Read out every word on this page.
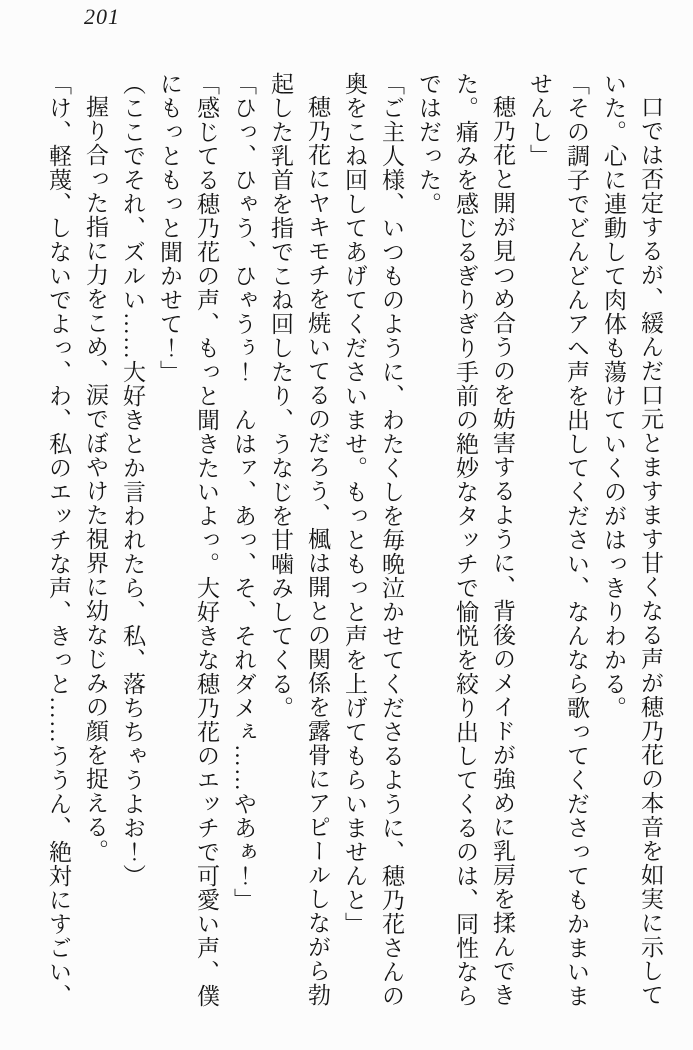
201

口では否定するが、緩んだ口元とますます甘くなる声が穂乃花の本音を如実に示していた。心に連動して肉体も蕩けていくのがはっきりわかる。

「その調子でどんどんアヘ声を出してください、なんなら歌ってくださってもかまいませんし」

穂乃花と開が見つめ合うのを妨害するように、背後のメイドが強めに乳房を揉んできた。痛みを感じるぎりぎり手前の絶妙なタッチで愉悦を絞り出してくるのは、同性ならではだった。

「ご主人様、いつものように、わたくしを毎晩泣かせてくださるように、穂乃花さんの奥をこね回してあげてくださいませ。もっともっと声を上げてもらいませんと」

穂乃花にヤキモチを焼いてるのだろう、楓は開との関係を露骨にアピールしながら勃起した乳首を指でこね回したり、うなじを甘噛みしてくる。

「ひっ、ひゃう、ひゃうぅ！　んはァ、あっ、そ、それダメぇ……やあぁ！」

「感じてる穂乃花の声、もっと聞きたいよっ。大好きな穂乃花のエッチで可愛い声、僕にもっともっと聞かせて！」

（ここでそれ、ズルい……大好きとか言われたら、私、落ちちゃうよお！）

握り合った指に力をこめ、涙でぼやけた視界に幼なじみの顔を捉える。

「け、軽蔑、しないでよっ、わ、私のエッチな声、きっと……ううん、絶対にすごい、
